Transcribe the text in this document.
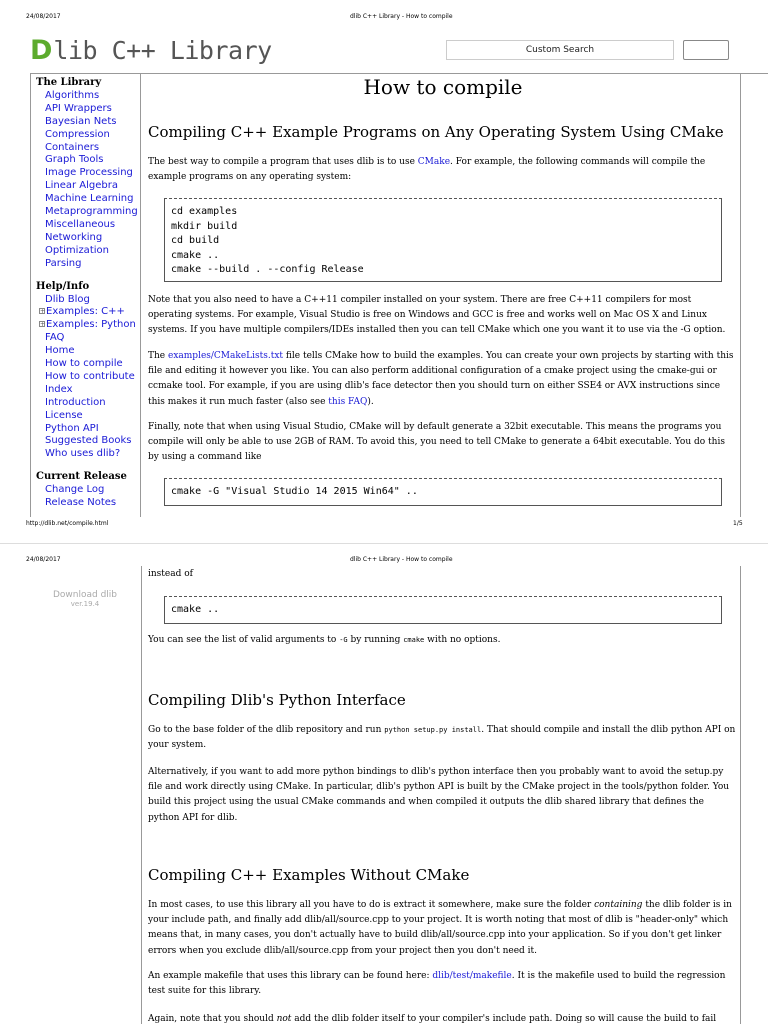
24/08/2017	dlib C++ Library - How to compile
D lib C++ Library	Custom Search
The Library
Algorithms
API Wrappers
Bayesian Nets
Compression
Containers
Graph Tools
Image Processing
Linear Algebra
Machine Learning
Metaprogramming
Miscellaneous
Networking
Optimization
Parsing
Help/Info
Dlib Blog
+Examples: C++
+Examples: Python
FAQ
Home
How to compile
How to contribute
Index
Introduction
License
Python API
Suggested Books
Who uses dlib?
Current Release
Change Log
Release Notes
How to compile
Compiling C++ Example Programs on Any Operating System Using CMake
The best way to compile a program that uses dlib is to use CMake. For example, the following commands will compile the example programs on any operating system:
cd examples
mkdir build
cd build
cmake ..
cmake --build . --config Release
Note that you also need to have a C++11 compiler installed on your system. There are free C++11 compilers for most operating systems. For example, Visual Studio is free on Windows and GCC is free and works well on Mac OS X and Linux systems. If you have multiple compilers/IDEs installed then you can tell CMake which one you want it to use via the -G option.
The examples/CMakeLists.txt file tells CMake how to build the examples. You can create your own projects by starting with this file and editing it however you like. You can also perform additional configuration of a cmake project using the cmake-gui or ccmake tool. For example, if you are using dlib's face detector then you should turn on either SSE4 or AVX instructions since this makes it run much faster (also see this FAQ).
Finally, note that when using Visual Studio, CMake will by default generate a 32bit executable. This means the programs you compile will only be able to use 2GB of RAM. To avoid this, you need to tell CMake to generate a 64bit executable. You do this by using a command like
cmake -G "Visual Studio 14 2015 Win64" ..
http://dlib.net/compile.html	1/5
24/08/2017	dlib C++ Library - How to compile
Download dlib
ver.19.4
instead of
cmake ..
You can see the list of valid arguments to -G by running cmake with no options.
Compiling Dlib's Python Interface
Go to the base folder of the dlib repository and run python setup.py install. That should compile and install the dlib python API on your system.
Alternatively, if you want to add more python bindings to dlib's python interface then you probably want to avoid the setup.py file and work directly using CMake. In particular, dlib's python API is built by the CMake project in the tools/python folder. You build this project using the usual CMake commands and when compiled it outputs the dlib shared library that defines the python API for dlib.
Compiling C++ Examples Without CMake
In most cases, to use this library all you have to do is extract it somewhere, make sure the folder containing the dlib folder is in your include path, and finally add dlib/all/source.cpp to your project. It is worth noting that most of dlib is "header-only" which means that, in many cases, you don't actually have to build dlib/all/source.cpp into your application. So if you don't get linker errors when you exclude dlib/all/source.cpp from your project then you don't need it.
An example makefile that uses this library can be found here: dlib/test/makefile. It is the makefile used to build the regression test suite for this library.
Again, note that you should not add the dlib folder itself to your compiler's include path. Doing so will cause the build to fail
